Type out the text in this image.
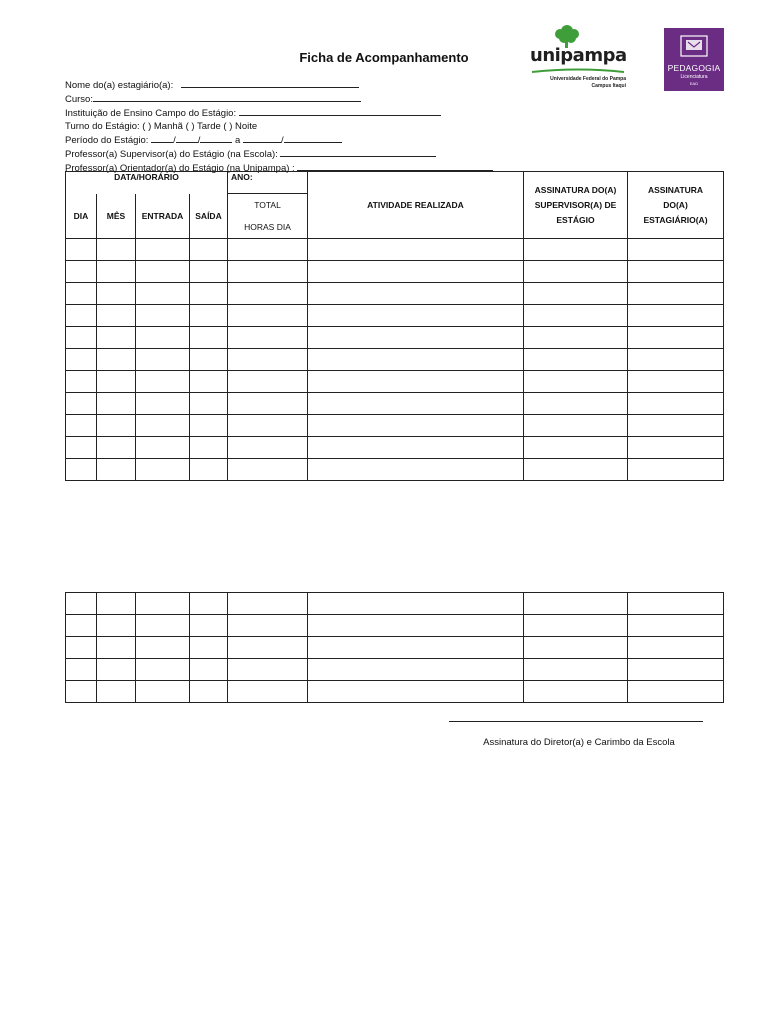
Ficha de Acompanhamento	unipampa
Universidade Federal do Pampa
Campus Itaqui
PEDAGOGIA
Licenciatura
EAD
Nome do(a) estagiário(a):
Curso:
Instituição de Ensino Campo do Estágio:
Turno do Estágio: ( ) Manhã ( ) Tarde ( ) Noite
Período do Estágio:	/ /	a	/
Professor(a) Supervisor(a) do Estágio (na Escola):
Professor(a) Orientador(a) do Estágio (na Unipampa) :
DATA/HORÁRIO				ANO:	ATIVIDADE REALIZADA	ASSINATURA DO(A) SUPERVISOR(A) DE ESTÁGIO	ASSINATURA DO(A) ESTAGIÁRIO(A)
DIA	MÊS	ENTRADA	SAÍDA	TOTAL
HORAS DIA			

Assinatura do Diretor(a) e Carimbo da Escola
